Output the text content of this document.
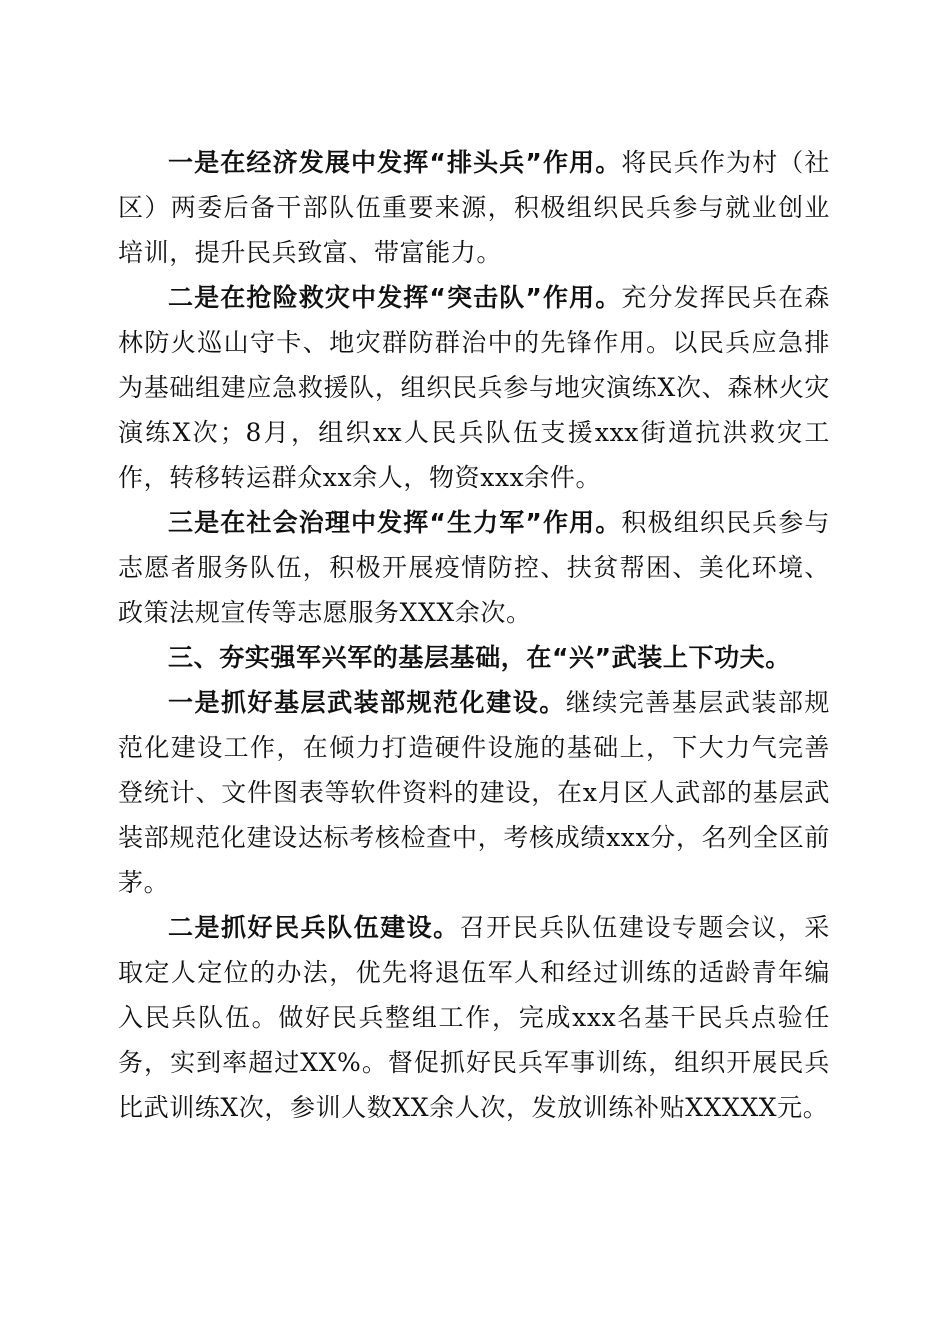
一是在经济发展中发挥“排头兵”作用。将民兵作为村（社区）两委后备干部队伍重要来源，积极组织民兵参与就业创业培训，提升民兵致富、带富能力。

二是在抢险救灾中发挥“突击队”作用。充分发挥民兵在森林防火巡山守卡、地灾群防群治中的先锋作用。以民兵应急排为基础组建应急救援队，组织民兵参与地灾演练X次、森林火灾演练X次；8月，组织xx人民兵队伍支援xxx街道抗洪救灾工作，转移转运群众xx余人，物资xxx余件。

三是在社会治理中发挥“生力军”作用。积极组织民兵参与志愿者服务队伍，积极开展疫情防控、扶贫帮困、美化环境、政策法规宣传等志愿服务XXX余次。

三、夯实强军兴军的基层基础，在“兴”武装上下功夫。

一是抓好基层武装部规范化建设。继续完善基层武装部规范化建设工作，在倾力打造硬件设施的基础上，下大力气完善登统计、文件图表等软件资料的建设，在x月区人武部的基层武装部规范化建设达标考核检查中，考核成绩xxx分，名列全区前茅。

二是抓好民兵队伍建设。召开民兵队伍建设专题会议，采取定人定位的办法，优先将退伍军人和经过训练的适龄青年编入民兵队伍。做好民兵整组工作，完成xxx名基干民兵点验任务，实到率超过XX%。督促抓好民兵军事训练，组织开展民兵比武训练X次，参训人数XX余人次，发放训练补贴XXXXX元。
